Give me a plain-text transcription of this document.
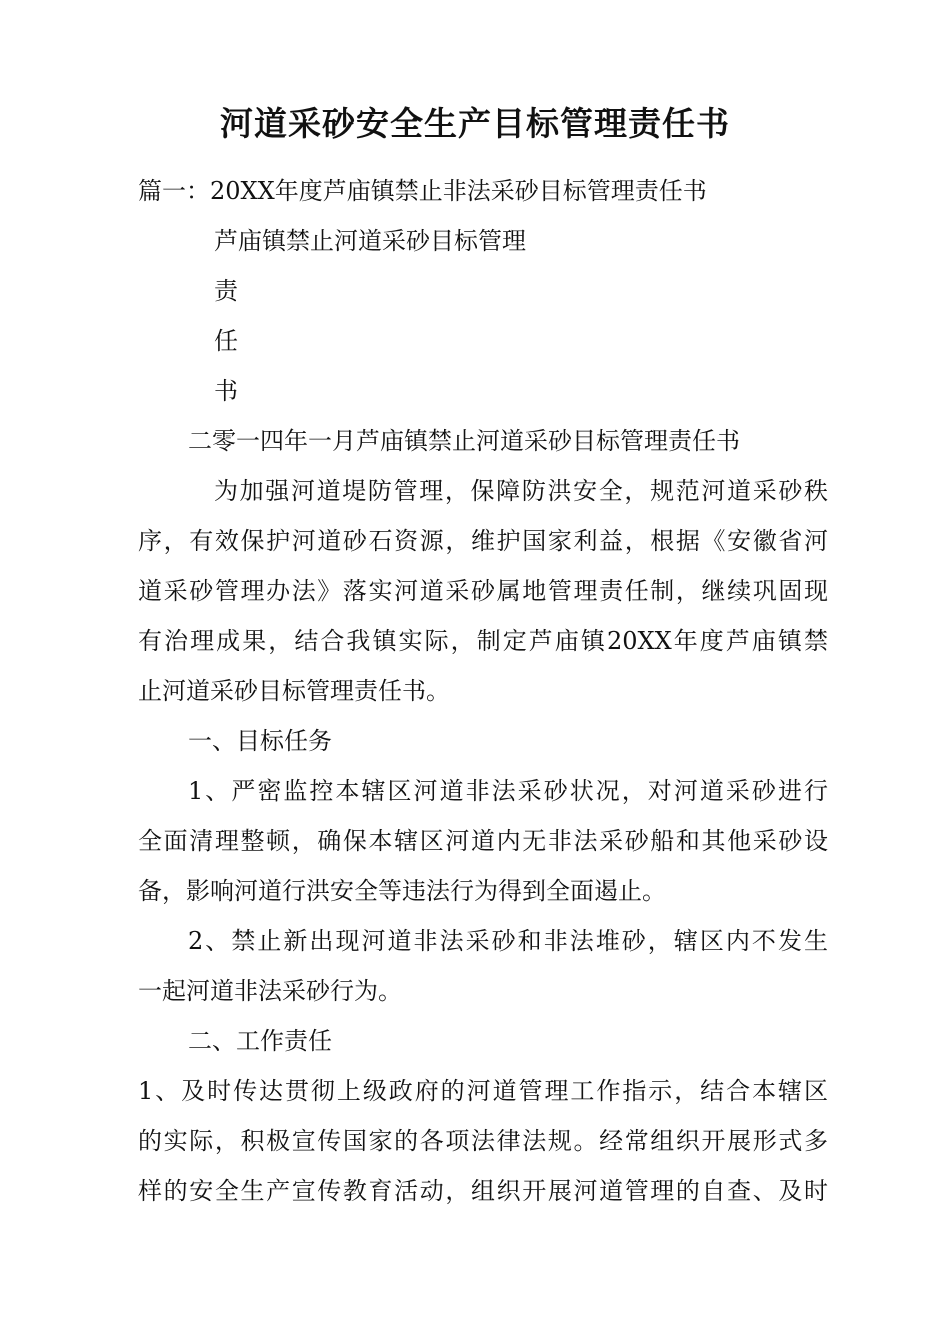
河道采砂安全生产目标管理责任书
篇一：20XX年度芦庙镇禁止非法采砂目标管理责任书
芦庙镇禁止河道采砂目标管理
责
任
书
二零一四年一月芦庙镇禁止河道采砂目标管理责任书
为加强河道堤防管理，保障防洪安全，规范河道采砂秩
序，有效保护河道砂石资源，维护国家利益，根据《安徽省河
道采砂管理办法》落实河道采砂属地管理责任制，继续巩固现
有治理成果，结合我镇实际，制定芦庙镇20XX年度芦庙镇禁
止河道采砂目标管理责任书。
一、目标任务
1、严密监控本辖区河道非法采砂状况，对河道采砂进行
全面清理整顿，确保本辖区河道内无非法采砂船和其他采砂设
备，影响河道行洪安全等违法行为得到全面遏止。
2、禁止新出现河道非法采砂和非法堆砂，辖区内不发生
一起河道非法采砂行为。
二、工作责任
1、及时传达贯彻上级政府的河道管理工作指示，结合本辖区
的实际，积极宣传国家的各项法律法规。经常组织开展形式多
样的安全生产宣传教育活动，组织开展河道管理的自查、及时
